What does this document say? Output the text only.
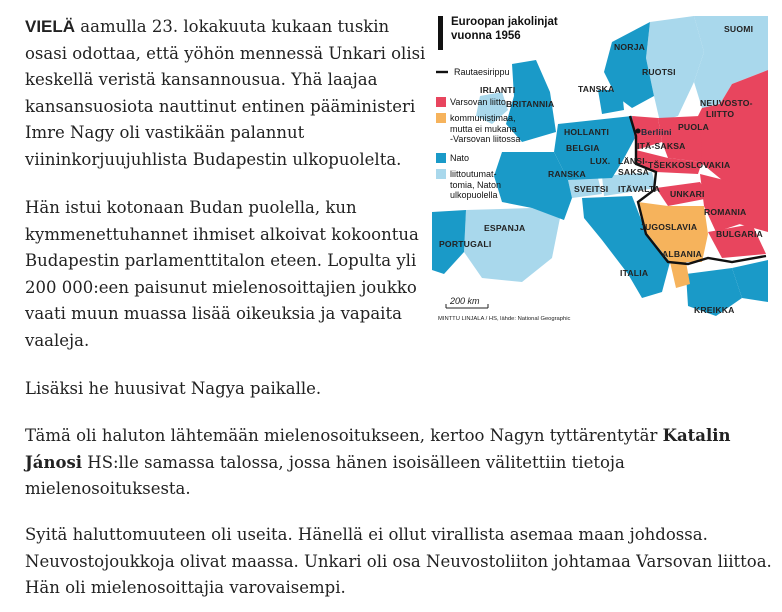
VIELÄ aamulla 23. lokakuuta kukaan tuskin
osasi odottaa, että yöhön mennessä Unkari olisi
keskellä veristä kansannousua. Yhä laajaa
kansansuosiota nauttinut entinen pääministeri
Imre Nagy oli vastikään palannut
viininkorjuujuhlista Budapestin ulkopuolelta.

Hän istui kotonaan Budan puolella, kun
kymmenettuhannet ihmiset alkoivat kokoontua
Budapestin parlamenttitalon eteen. Lopulta yli
200 000:een paisunut mielenosoittajien joukko
vaati muun muassa lisää oikeuksia ja vapaita
vaaleja.

Lisäksi he huusivat Nagya paikalle.

Tämä oli haluton lähtemään mielenosoitukseen, kertoo Nagyn tyttärentytär Katalin
Jánosi HS:lle samassa talossa, jossa hänen isoisälleen välitettiin tietoja
mielenosoituksesta.

Syitä haluttomuuteen oli useita. Hänellä ei ollut virallista asemaa maan johdossa.
Neuvostojoukkoja olivat maassa. Unkari oli osa Neuvostoliiton johtamaa Varsovan liittoa.
Hän oli mielenosoittajia varovaisempi.

Euroopan jakolinjat
vuonna 1956
Rautaesirippu
Varsovan liitto
kommunistimaa,
mutta ei mukana
-Varsovan liitossa
Nato
liittoutumat-
tomia, Naton
ulkopuolella
SUOMI
NORJA
RUOTSI
TANSKA
IRLANTI
BRITANNIA	NEUVOSTO-
LIITTO
HOLLANTI	Berliini PUOLA
BELGIA	ITÄ-SAKSA
LUX. LÄNSI-
SAKSA
RANSKA
TŠEKKOSLOVAKIA
SVEITSI ITÄVALTA UNKARI
ROMANIA
ESPANJA
PORTUGALI
JUGOSLAVIA
BULGARIA
ALBANIA
ITALIA
KREIKKA
200 km
MINTTU LINJALA / HS, lähde: National Geographic
